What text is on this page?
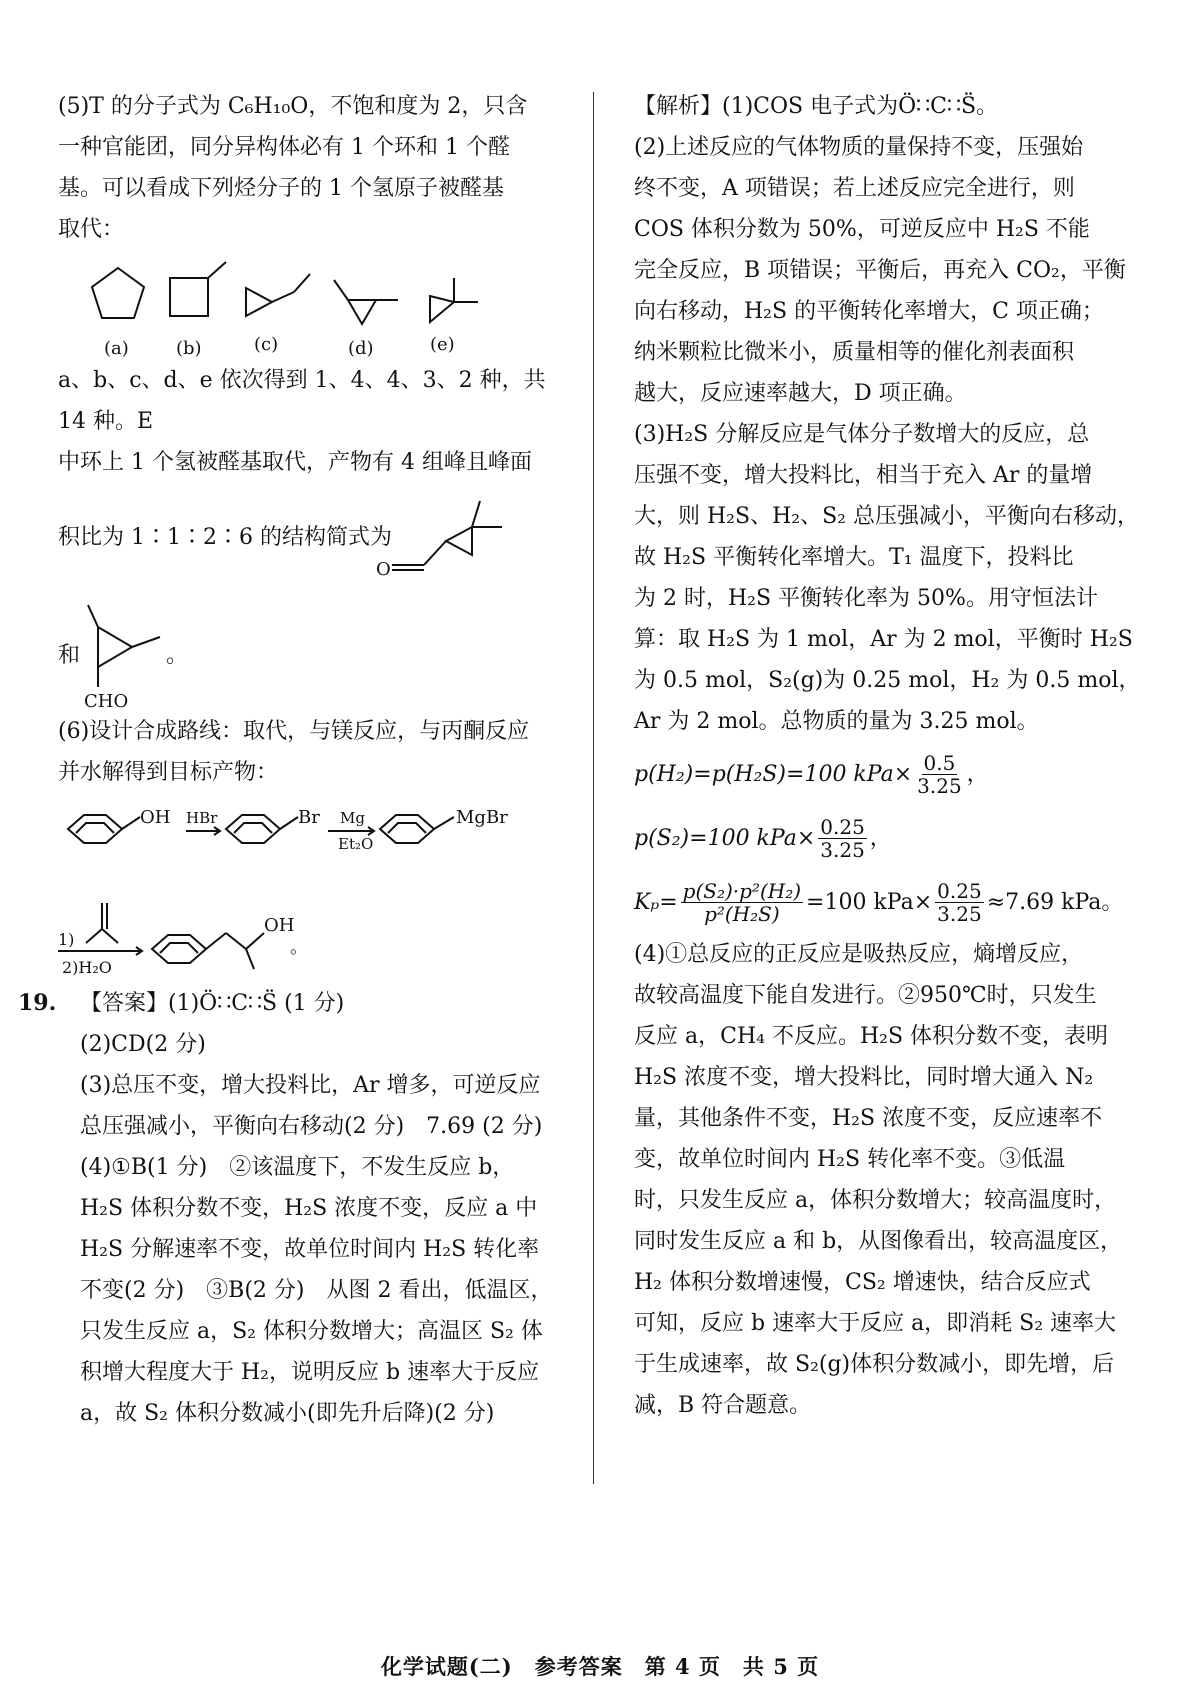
(5)T 的分子式为 C₆H₁₀O，不饱和度为 2，只含

一种官能团，同分异构体必有 1 个环和 1 个醛

基。可以看成下列烃分子的 1 个氢原子被醛基

取代：

(a)	(b)	(c)	(d)	(e)

a、b、c、d、e 依次得到 1、4、4、3、2 种，共 14 种。E

中环上 1 个氢被醛基取代，产物有 4 组峰且峰面

积比为 1∶1∶2∶6 的结构简式为

O
和
CHO
。

(6)设计合成路线：取代，与镁反应，与丙酮反应

并水解得到目标产物：

OH HBr	Br Mg
Et₂O
MgBr
1)
2)H₂O
OH
。
19. 【答案】(1)Ö∷C∷S̈ (1 分)

(2)CD(2 分)

(3)总压不变，增大投料比，Ar 增多，可逆反应

总压强减小，平衡向右移动(2 分)　7.69 (2 分)

(4)①B(1 分)　②该温度下，不发生反应 b，

H₂S 体积分数不变，H₂S 浓度不变，反应 a 中

H₂S 分解速率不变，故单位时间内 H₂S 转化率

不变(2 分)　③B(2 分)　从图 2 看出，低温区，

只发生反应 a，S₂ 体积分数增大；高温区 S₂ 体

积增大程度大于 H₂，说明反应 b 速率大于反应

a，故 S₂ 体积分数减小(即先升后降)(2 分)

【解析】(1)COS 电子式为Ö∷C∷S̈。

(2)上述反应的气体物质的量保持不变，压强始

终不变，A 项错误；若上述反应完全进行，则

COS 体积分数为 50%，可逆反应中 H₂S 不能

完全反应，B 项错误；平衡后，再充入 CO₂，平衡

向右移动，H₂S 的平衡转化率增大，C 项正确；

纳米颗粒比微米小，质量相等的催化剂表面积

越大，反应速率越大，D 项正确。

(3)H₂S 分解反应是气体分子数增大的反应，总

压强不变，增大投料比，相当于充入 Ar 的量增

大，则 H₂S、H₂、S₂ 总压强减小，平衡向右移动，

故 H₂S 平衡转化率增大。T₁ 温度下，投料比

为 2 时，H₂S 平衡转化率为 50%。用守恒法计

算：取 H₂S 为 1 mol，Ar 为 2 mol，平衡时 H₂S

为 0.5 mol，S₂(g)为 0.25 mol，H₂ 为 0.5 mol，

Ar 为 2 mol。总物质的量为 3.25 mol。

p(H₂)=p(H₂S)=100 $kPa\times \frac{0.5}{3.25}$ ，
p(S₂)=100 $kPa\times \frac{0.25}{3.25}$ ，
$K_p= \frac{\text{p(S₂)·p²(H₂)}}{\text{p²(H₂S)}} =100$ $kPa\times \frac{0.25}{3.25} \approx 7.69$ kPa。

(4)①总反应的正反应是吸热反应，熵增反应，

故较高温度下能自发进行。②950℃时，只发生

反应 a，CH₄ 不反应。H₂S 体积分数不变，表明

H₂S 浓度不变，增大投料比，同时增大通入 N₂

量，其他条件不变，H₂S 浓度不变，反应速率不

变，故单位时间内 H₂S 转化率不变。③低温

时，只发生反应 a，体积分数增大；较高温度时，

同时发生反应 a 和 b，从图像看出，较高温度区，

H₂ 体积分数增速慢，CS₂ 增速快，结合反应式

可知，反应 b 速率大于反应 a，即消耗 S₂ 速率大

于生成速率，故 S₂(g)体积分数减小，即先增，后

减，B 符合题意。

化学试题(二)　参考答案　第 4 页　共 5 页
